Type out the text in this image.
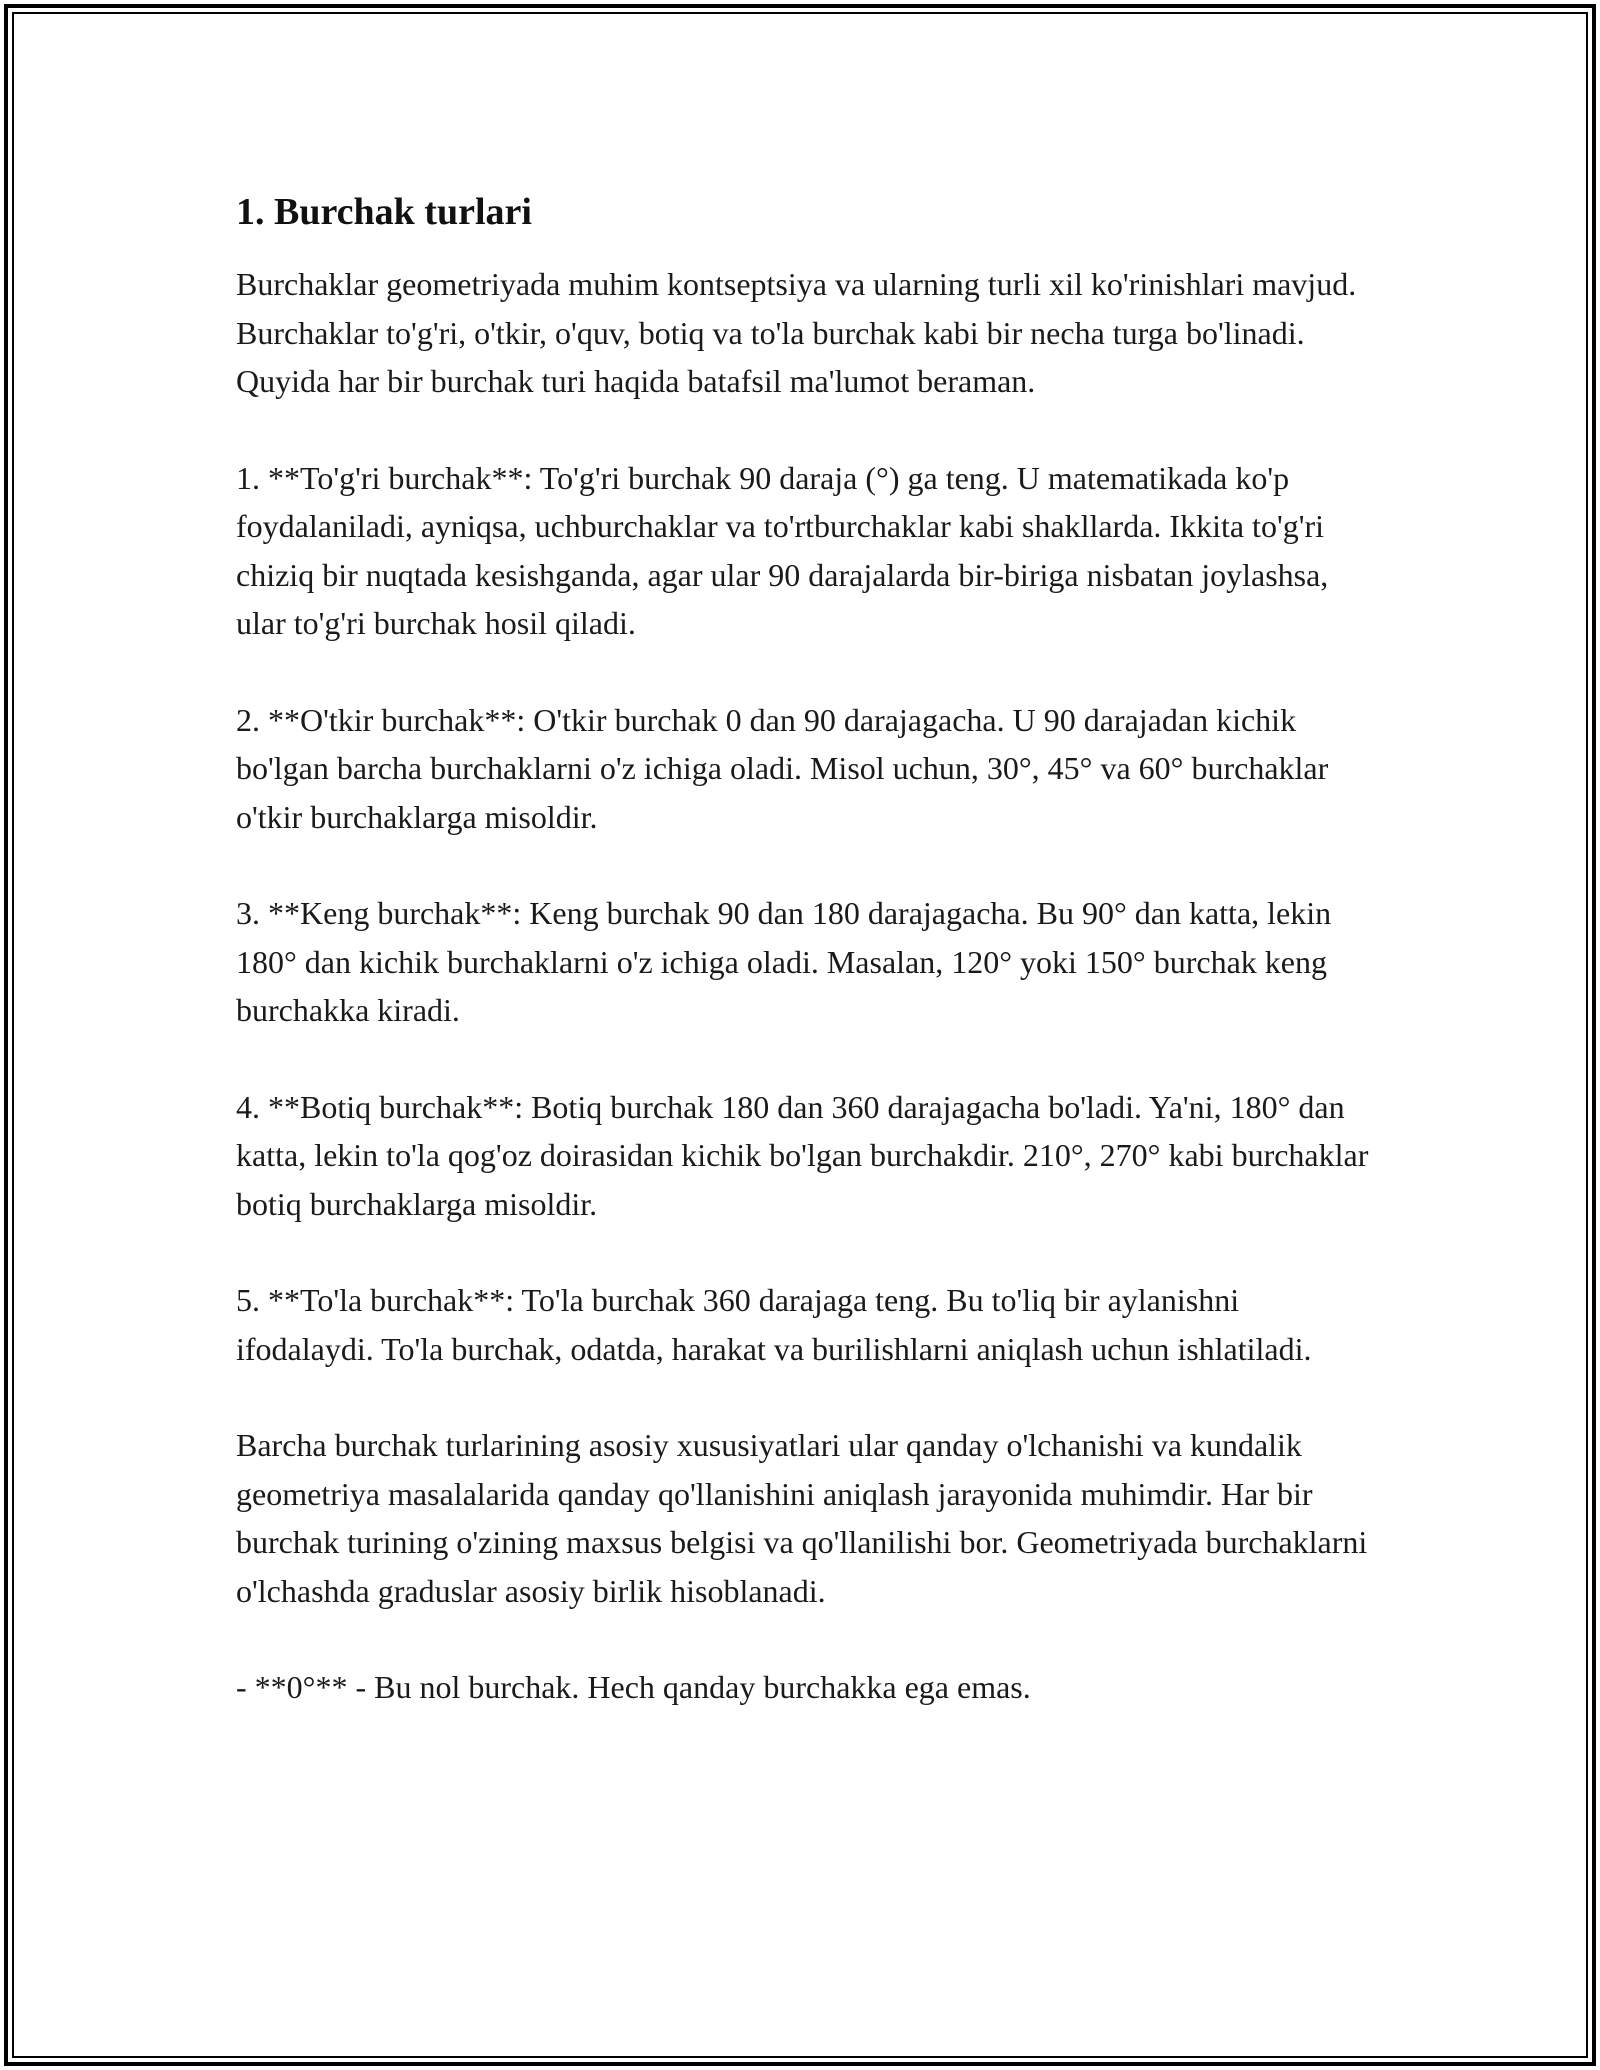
1. Burchak turlari

Burchaklar geometriyada muhim kontseptsiya va ularning turli xil ko'rinishlari mavjud. Burchaklar to'g'ri, o'tkir, o'quv, botiq va to'la burchak kabi bir necha turga bo'linadi. Quyida har bir burchak turi haqida batafsil ma'lumot beraman.

1. **To'g'ri burchak**: To'g'ri burchak 90 daraja (°) ga teng. U matematikada ko'p foydalaniladi, ayniqsa, uchburchaklar va to'rtburchaklar kabi shakllarda. Ikkita to'g'ri chiziq bir nuqtada kesishganda, agar ular 90 darajalarda bir-biriga nisbatan joylashsa, ular to'g'ri burchak hosil qiladi.

2. **O'tkir burchak**: O'tkir burchak 0 dan 90 darajagacha. U 90 darajadan kichik bo'lgan barcha burchaklarni o'z ichiga oladi. Misol uchun, 30°, 45° va 60° burchaklar o'tkir burchaklarga misoldir.

3. **Keng burchak**: Keng burchak 90 dan 180 darajagacha. Bu 90° dan katta, lekin 180° dan kichik burchaklarni o'z ichiga oladi. Masalan, 120° yoki 150° burchak keng burchakka kiradi.

4. **Botiq burchak**: Botiq burchak 180 dan 360 darajagacha bo'ladi. Ya'ni, 180° dan katta, lekin to'la qog'oz doirasidan kichik bo'lgan burchakdir. 210°, 270° kabi burchaklar botiq burchaklarga misoldir.

5. **To'la burchak**: To'la burchak 360 darajaga teng. Bu to'liq bir aylanishni ifodalaydi. To'la burchak, odatda, harakat va burilishlarni aniqlash uchun ishlatiladi.

Barcha burchak turlarining asosiy xususiyatlari ular qanday o'lchanishi va kundalik geometriya masalalarida qanday qo'llanishini aniqlash jarayonida muhimdir. Har bir burchak turining o'zining maxsus belgisi va qo'llanilishi bor. Geometriyada burchaklarni o'lchashda graduslar asosiy birlik hisoblanadi.

- **0°** - Bu nol burchak. Hech qanday burchakka ega emas.
